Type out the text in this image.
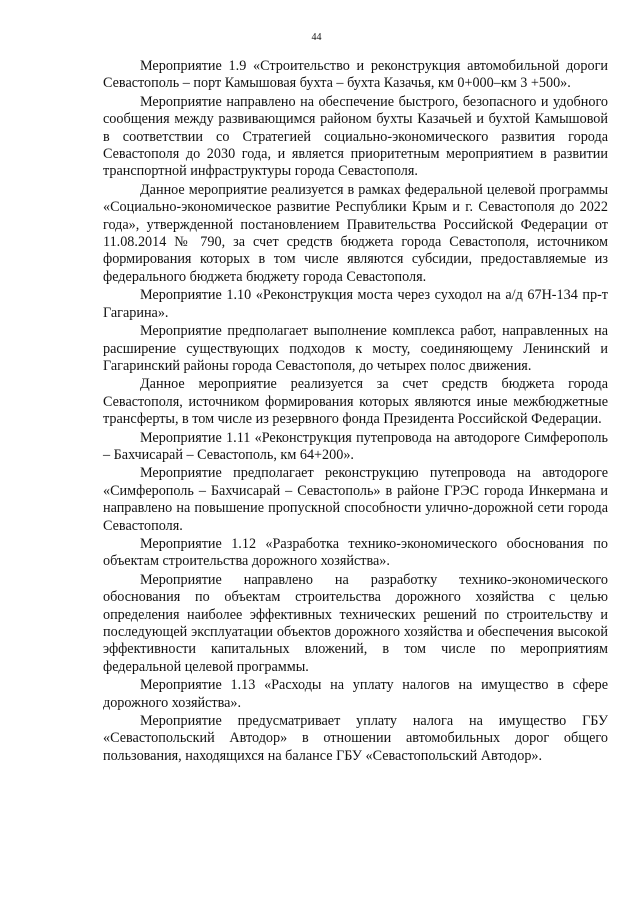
44

Мероприятие 1.9 «Строительство и реконструкция автомобильной дороги Севастополь – порт Камышовая бухта – бухта Казачья, км 0+000–км 3 +500».

Мероприятие направлено на обеспечение быстрого, безопасного и удобного сообщения между развивающимся районом бухты Казачьей и бухтой Камышовой в соответствии со Стратегией социально-экономического развития города Севастополя до 2030 года, и является приоритетным мероприятием в развитии транспортной инфраструктуры города Севастополя.

Данное мероприятие реализуется в рамках федеральной целевой программы «Социально-экономическое развитие Республики Крым и г. Севастополя до 2022 года», утвержденной постановлением Правительства Российской Федерации от 11.08.2014 № 790, за счет средств бюджета города Севастополя, источником формирования которых в том числе являются субсидии, предоставляемые из федерального бюджета бюджету города Севастополя.

Мероприятие 1.10 «Реконструкция моста через суходол на а/д 67Н-134 пр-т Гагарина».

Мероприятие предполагает выполнение комплекса работ, направленных на расширение существующих подходов к мосту, соединяющему Ленинский и Гагаринский районы города Севастополя, до четырех полос движения.

Данное мероприятие реализуется за счет средств бюджета города Севастополя, источником формирования которых являются иные межбюджетные трансферты, в том числе из резервного фонда Президента Российской Федерации.

Мероприятие 1.11 «Реконструкция путепровода на автодороге Симферополь – Бахчисарай – Севастополь, км 64+200».

Мероприятие предполагает реконструкцию путепровода на автодороге «Симферополь – Бахчисарай – Севастополь» в районе ГРЭС города Инкермана и направлено на повышение пропускной способности улично-дорожной сети города Севастополя.

Мероприятие 1.12 «Разработка технико-экономического обоснования по объектам строительства дорожного хозяйства».

Мероприятие направлено на разработку технико-экономического обоснования по объектам строительства дорожного хозяйства с целью определения наиболее эффективных технических решений по строительству и последующей эксплуатации объектов дорожного хозяйства и обеспечения высокой эффективности капитальных вложений, в том числе по мероприятиям федеральной целевой программы.

Мероприятие 1.13 «Расходы на уплату налогов на имущество в сфере дорожного хозяйства».

Мероприятие предусматривает уплату налога на имущество ГБУ «Севастопольский Автодор» в отношении автомобильных дорог общего пользования, находящихся на балансе ГБУ «Севастопольский Автодор».
